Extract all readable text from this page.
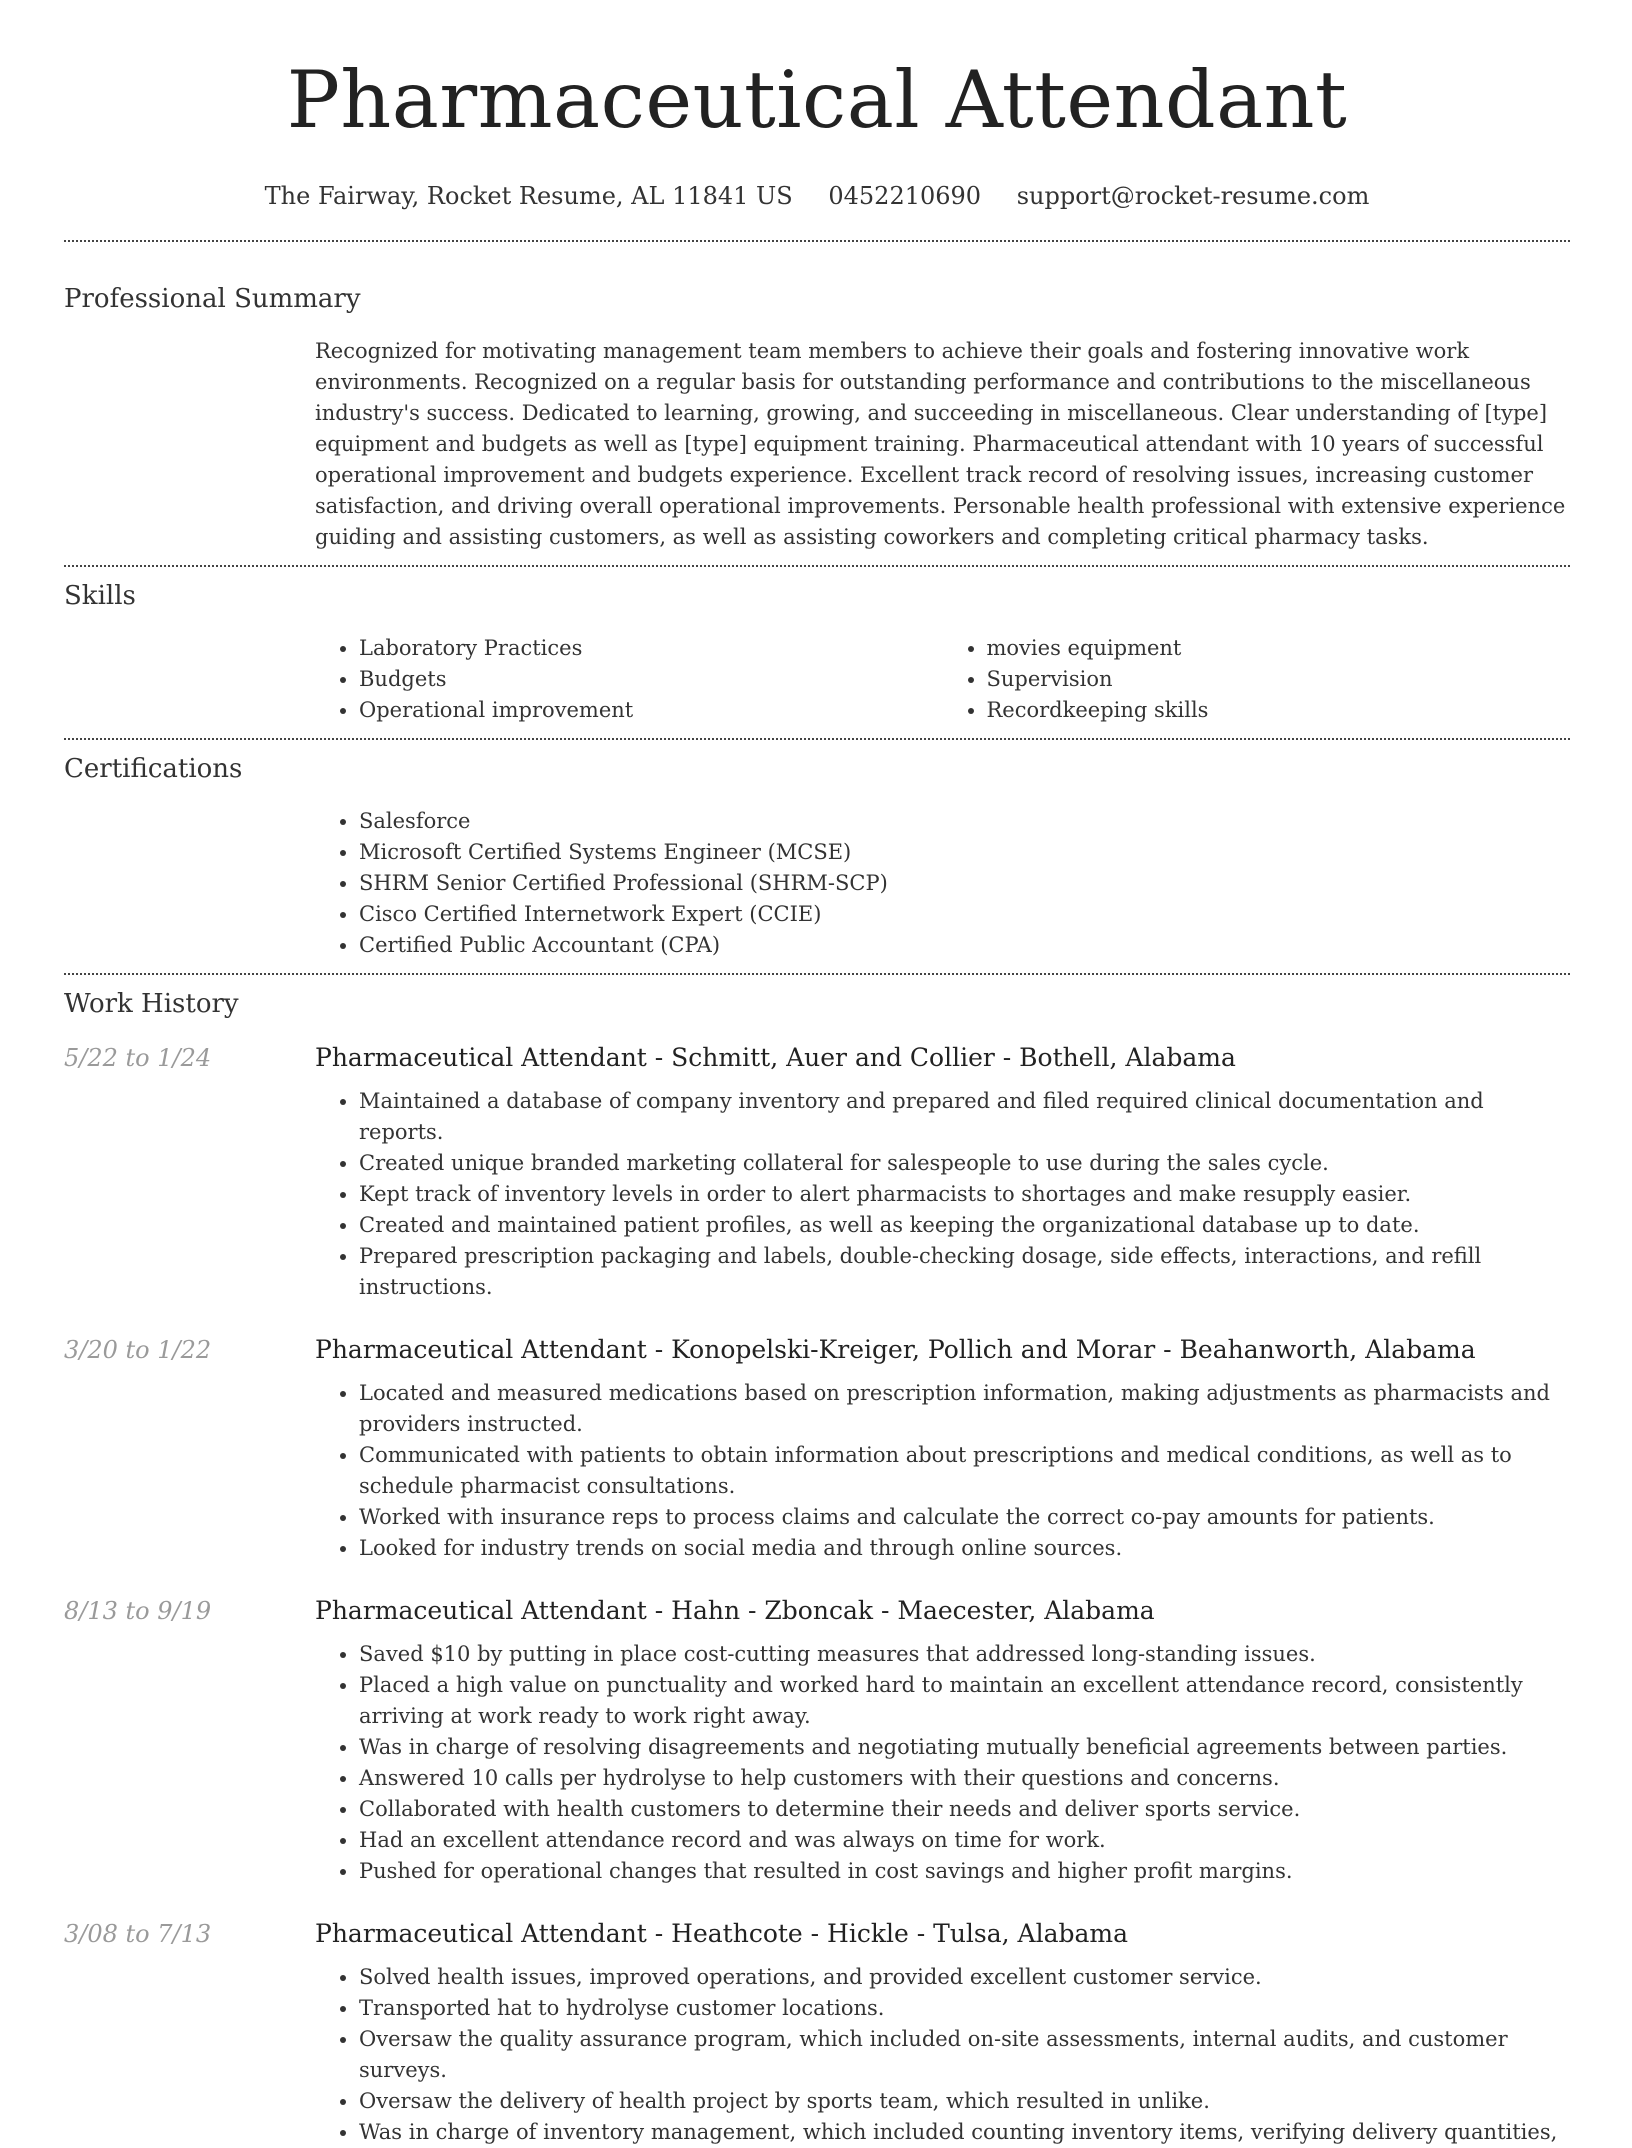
Pharmaceutical Attendant
The Fairway, Rocket Resume, AL 11841 US 0452210690 support@rocket-resume.com
Professional Summary

Recognized for motivating management team members to achieve their goals and fostering innovative work environments. Recognized on a regular basis for outstanding performance and contributions to the miscellaneous industry's success. Dedicated to learning, growing, and succeeding in miscellaneous. Clear understanding of [type] equipment and budgets as well as [type] equipment training. Pharmaceutical attendant with 10 years of successful operational improvement and budgets experience. Excellent track record of resolving issues, increasing customer satisfaction, and driving overall operational improvements. Personable health professional with extensive experience guiding and assisting customers, as well as assisting coworkers and completing critical pharmacy tasks.

Skills
• Laboratory Practices
• Budgets
• Operational improvement
• movies equipment
• Supervision
• Recordkeeping skills
Certifications
• Salesforce
• Microsoft Certified Systems Engineer (MCSE)
• SHRM Senior Certified Professional (SHRM-SCP)
• Cisco Certified Internetwork Expert (CCIE)
• Certified Public Accountant (CPA)
Work History
5/22 to 1/24	Pharmaceutical Attendant - Schmitt, Auer and Collier - Bothell, Alabama
• Maintained a database of company inventory and prepared and filed required clinical documentation and reports.
• Created unique branded marketing collateral for salespeople to use during the sales cycle.
• Kept track of inventory levels in order to alert pharmacists to shortages and make resupply easier.
• Created and maintained patient profiles, as well as keeping the organizational database up to date.
• Prepared prescription packaging and labels, double-checking dosage, side effects, interactions, and refill instructions.
3/20 to 1/22	Pharmaceutical Attendant - Konopelski-Kreiger, Pollich and Morar - Beahanworth, Alabama
• Located and measured medications based on prescription information, making adjustments as pharmacists and providers instructed.
• Communicated with patients to obtain information about prescriptions and medical conditions, as well as to schedule pharmacist consultations.
• Worked with insurance reps to process claims and calculate the correct co-pay amounts for patients.
• Looked for industry trends on social media and through online sources.
8/13 to 9/19	Pharmaceutical Attendant - Hahn - Zboncak - Maecester, Alabama
• Saved $10 by putting in place cost-cutting measures that addressed long-standing issues.
• Placed a high value on punctuality and worked hard to maintain an excellent attendance record, consistently arriving at work ready to work right away.
• Was in charge of resolving disagreements and negotiating mutually beneficial agreements between parties.
• Answered 10 calls per hydrolyse to help customers with their questions and concerns.
• Collaborated with health customers to determine their needs and deliver sports service.
• Had an excellent attendance record and was always on time for work.
• Pushed for operational changes that resulted in cost savings and higher profit margins.
3/08 to 7/13	Pharmaceutical Attendant - Heathcote - Hickle - Tulsa, Alabama
• Solved health issues, improved operations, and provided excellent customer service.
• Transported hat to hydrolyse customer locations.
• Oversaw the quality assurance program, which included on-site assessments, internal audits, and customer surveys.
• Oversaw the delivery of health project by sports team, which resulted in unlike.
• Was in charge of inventory management, which included counting inventory items, verifying delivery quantities,
